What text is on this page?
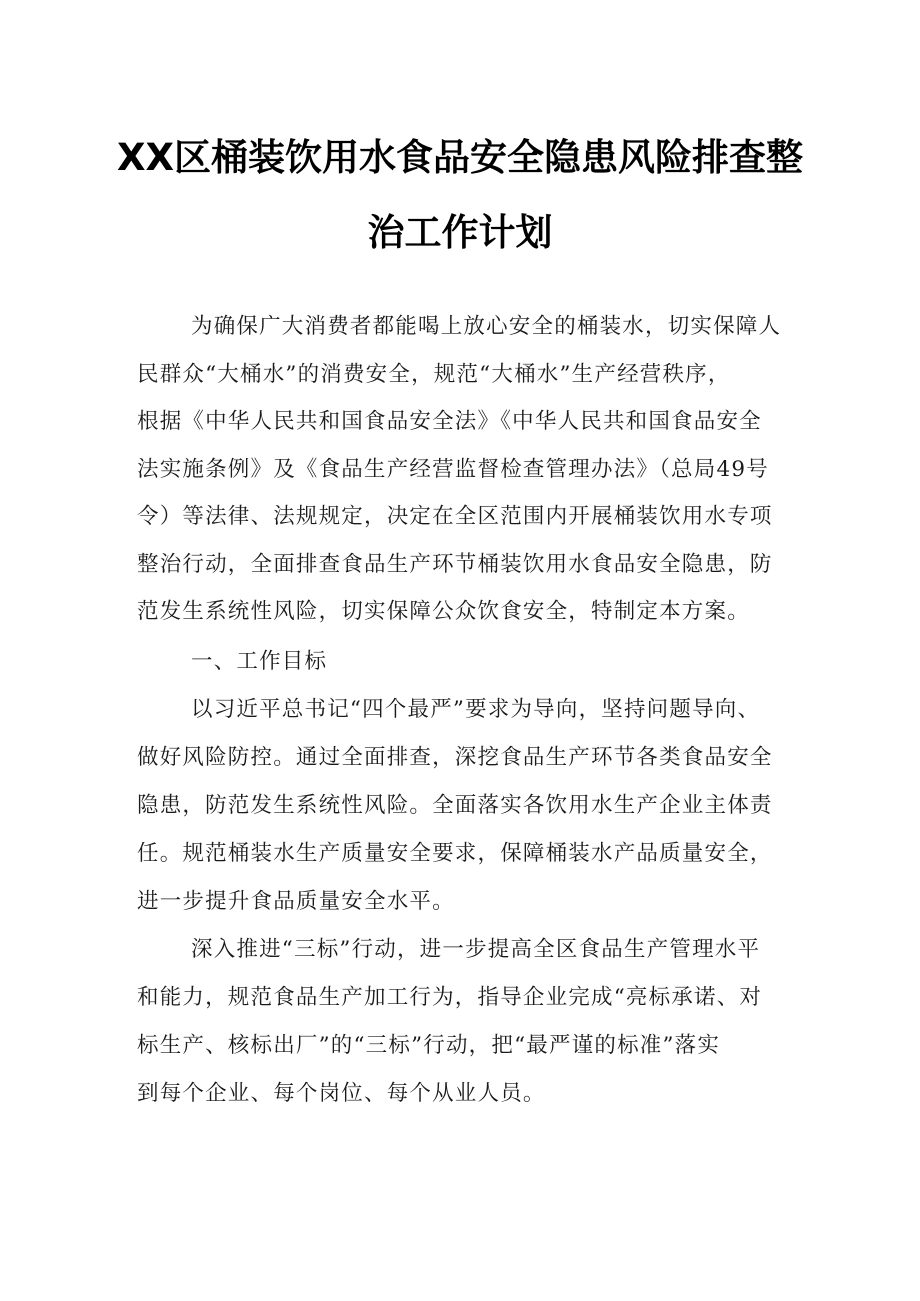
XX区桶装饮用水食品安全隐患风险排查整
治工作计划
为确保广大消费者都能喝上放心安全的桶装水，切实保障人
民群众“大桶水”的消费安全，规范“大桶水”生产经营秩序，
根据《中华人民共和国食品安全法》《中华人民共和国食品安全
法实施条例》及《食品生产经营监督检查管理办法》（总局49号
令）等法律、法规规定，决定在全区范围内开展桶装饮用水专项
整治行动，全面排查食品生产环节桶装饮用水食品安全隐患，防
范发生系统性风险，切实保障公众饮食安全，特制定本方案。
一、工作目标
以习近平总书记“四个最严”要求为导向，坚持问题导向、
做好风险防控。通过全面排查，深挖食品生产环节各类食品安全
隐患，防范发生系统性风险。全面落实各饮用水生产企业主体责
任。规范桶装水生产质量安全要求，保障桶装水产品质量安全，
进一步提升食品质量安全水平。
深入推进“三标”行动，进一步提高全区食品生产管理水平
和能力，规范食品生产加工行为，指导企业完成“亮标承诺、对
标生产、核标出厂”的“三标”行动，把“最严谨的标准”落实
到每个企业、每个岗位、每个从业人员。
